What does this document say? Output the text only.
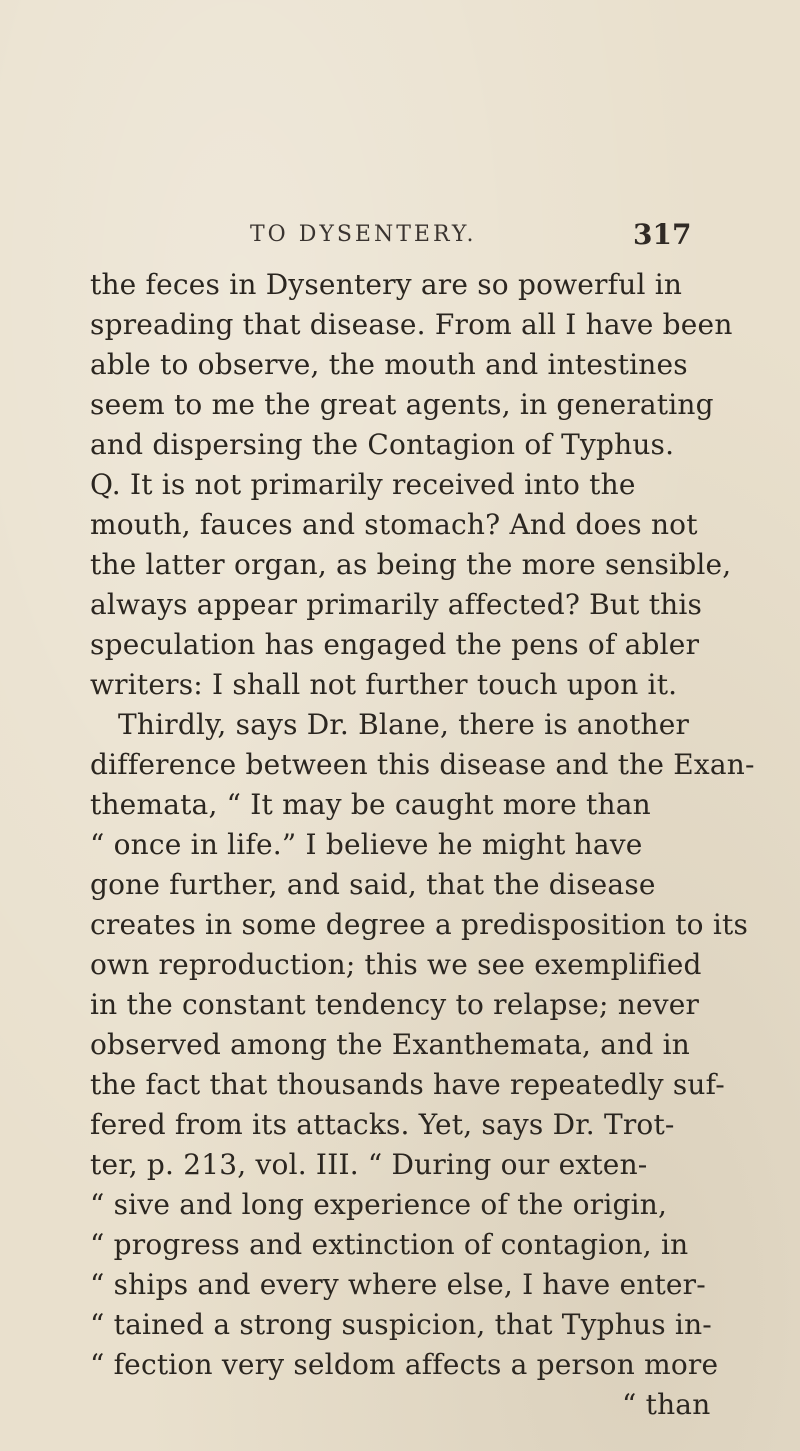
TO DYSENTERY.	317
the feces in Dysentery are so powerful in
spreading that disease. From all I have been
able to observe, the mouth and intestines
seem to me the great agents, in generating
and dispersing the Contagion of Typhus.
Q. It is not primarily received into the
mouth, fauces and stomach? And does not
the latter organ, as being the more sensible,
always appear primarily affected? But this
speculation has engaged the pens of abler
writers: I shall not further touch upon it.
Thirdly, says Dr. Blane, there is another
difference between this disease and the Exan-
themata, “ It may be caught more than
“ once in life.” I believe he might have
gone further, and said, that the disease
creates in some degree a predisposition to its
own reproduction; this we see exemplified
in the constant tendency to relapse; never
observed among the Exanthemata, and in
the fact that thousands have repeatedly suf-
fered from its attacks. Yet, says Dr. Trot-
ter, p. 213, vol. III. “ During our exten-
“ sive and long experience of the origin,
“ progress and extinction of contagion, in
“ ships and every where else, I have enter-
“ tained a strong suspicion, that Typhus in-
“ fection very seldom affects a person more
“ than
